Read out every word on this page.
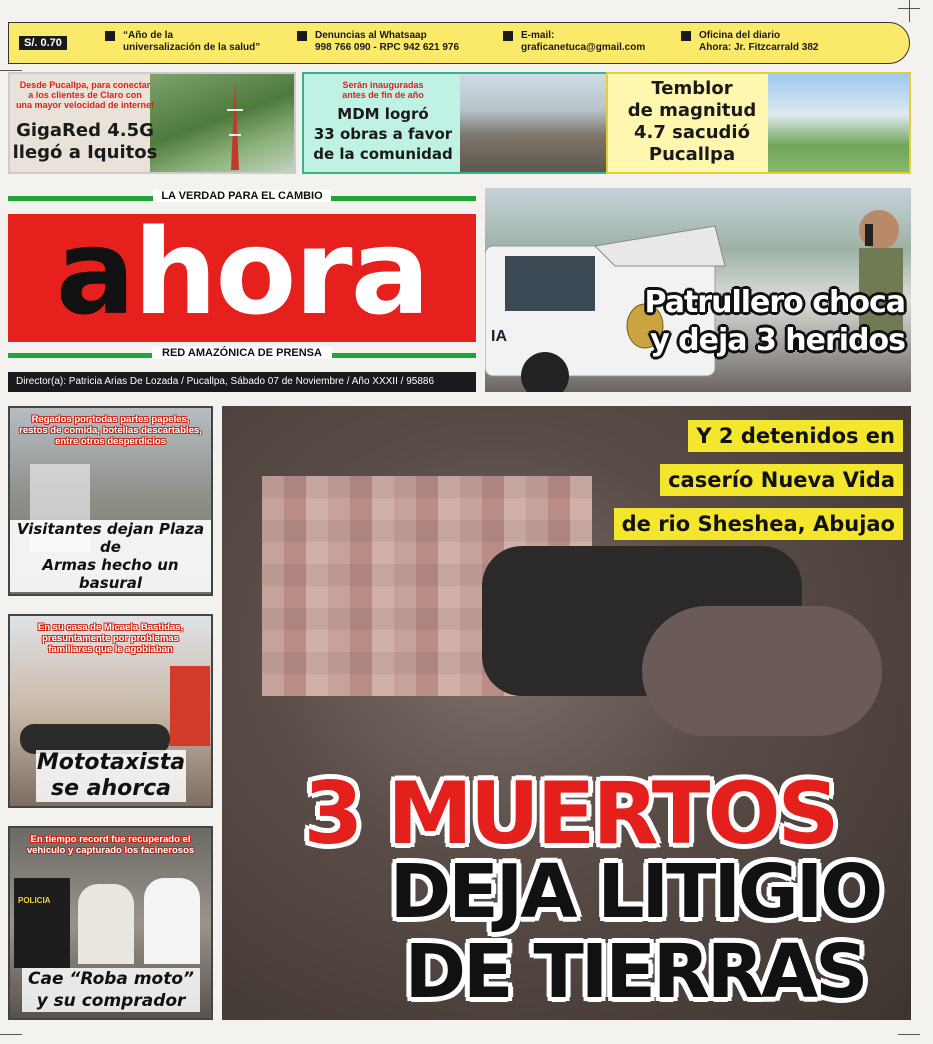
S/. 0.70
“Año de la
universalización de la salud”
Denuncias al Whatsaap
998 766 090 - RPC 942 621 976
E-mail:
graficanetuca@gmail.com
Oficina del diario
Ahora: Jr. Fitzcarrald 382
Desde Pucallpa, para conectar
a los clientes de Claro con
una mayor velocidad de internet
GigaRed 4.5G
llegó a Iquitos
Serán inauguradas
antes de fin de año
MDM logró
33 obras a favor
de la comunidad
Temblor
de magnitud
4.7 sacudió
Pucallpa
LA VERDAD PARA EL CAMBIO
ahora
RED AMAZÓNICA DE PRENSA
Director(a): Patricia Arias De Lozada / Pucallpa, Sábado 07 de Noviembre / Año XXXII / 95886
IA
Patrullero choca
y deja 3 heridos
Regados por todas partes papeles,
restos de comida, botellas descartables,
entre otros desperdicios
Visitantes dejan Plaza de
Armas hecho un basural
En su casa de Micaela Bastidas,
presuntamente por problemas
familiares que le agobiaban
Mototaxista
se ahorca
En tiempo record fue recuperado el
vehículo y capturado los facinerosos
POLICIA
Cae “Roba moto”
y su comprador
Y 2 detenidos en
caserío Nueva Vida
de rio Sheshea, Abujao
3 MUERTOS
DEJA LITIGIO
DE TIERRAS
